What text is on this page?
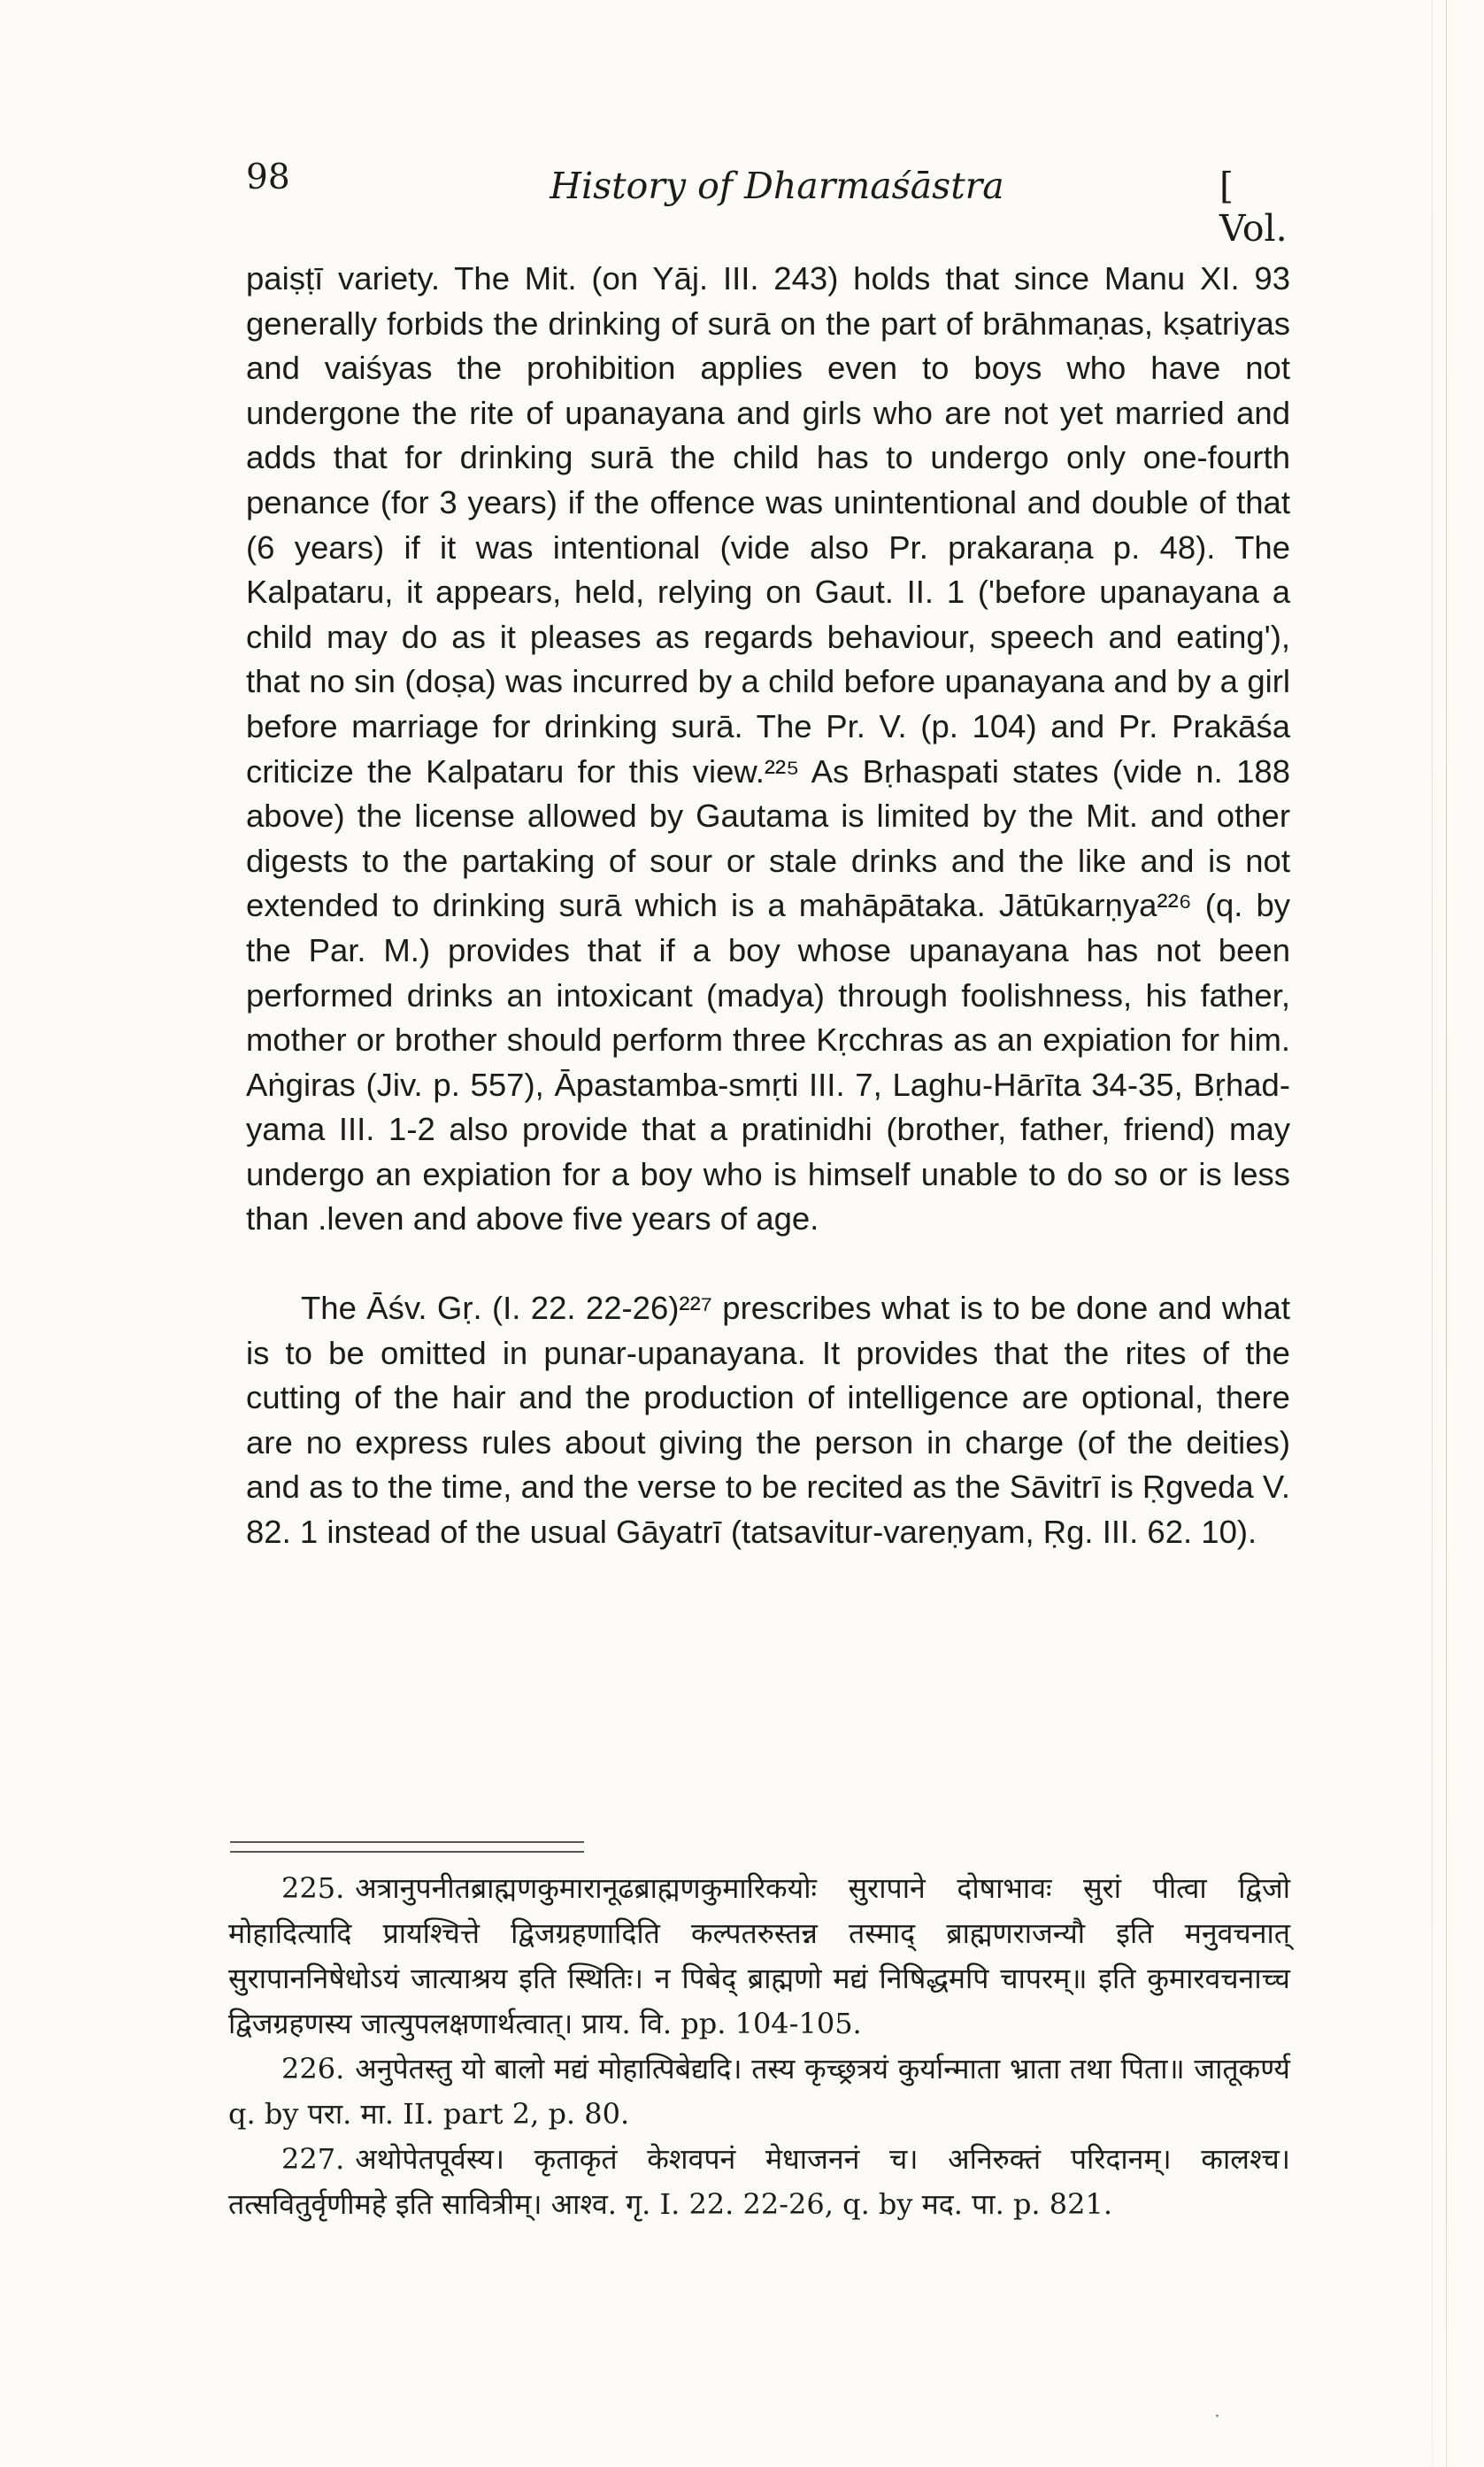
98	History of Dharmaśāstra	[ Vol.

paiṣṭī variety. The Mit. (on Yāj. III. 243) holds that since Manu XI. 93 generally forbids the drinking of surā on the part of brāhmaṇas, kṣatriyas and vaiśyas the prohibition applies even to boys who have not undergone the rite of upanayana and girls who are not yet married and adds that for drinking surā the child has to undergo only one-fourth penance (for 3 years) if the offence was unintentional and double of that (6 years) if it was intentional (vide also Pr. prakaraṇa p. 48). The Kalpataru, it appears, held, relying on Gaut. II. 1 ('before upanayana a child may do as it pleases as regards behaviour, speech and eating'), that no sin (doṣa) was incurred by a child before upanayana and by a girl before marriage for drinking surā. The Pr. V. (p. 104) and Pr. Prakāśa criticize the Kalpataru for this view.²²⁵ As Bṛhaspati states (vide n. 188 above) the license allowed by Gautama is limited by the Mit. and other digests to the partaking of sour or stale drinks and the like and is not extended to drinking surā which is a mahāpātaka. Jātūkarṇya²²⁶ (q. by the Par. M.) provides that if a boy whose upanayana has not been performed drinks an intoxicant (madya) through foolishness, his father, mother or brother should perform three Kṛcchras as an expiation for him. Aṅgiras (Jiv. p. 557), Āpastamba-smṛti III. 7, Laghu-Hārīta 34-35, Bṛhad-yama III. 1-2 also provide that a pratinidhi (brother, father, friend) may undergo an expiation for a boy who is himself unable to do so or is less than .leven and above five years of age.

The Āśv. Gṛ. (I. 22. 22-26)²²⁷ prescribes what is to be done and what is to be omitted in punar-upanayana. It provides that the rites of the cutting of the hair and the production of intelligence are optional, there are no express rules about giving the person in charge (of the deities) and as to the time, and the verse to be recited as the Sāvitrī is Ṛgveda V. 82. 1 instead of the usual Gāyatrī (tatsavitur-vareṇyam, Ṛg. III. 62. 10).

225. अत्रानुपनीतब्राह्मणकुमारानूढब्राह्मणकुमारिकयोः सुरापाने दोषाभावः सुरां पीत्वा द्विजो मोहादित्यादि प्रायश्चित्ते द्विजग्रहणादिति कल्पतरुस्तन्न तस्माद् ब्राह्मणराजन्यौ इति मनुवचनात् सुरापाननिषेधोऽयं जात्याश्रय इति स्थितिः। न पिबेद् ब्राह्मणो मद्यं निषिद्धमपि चापरम्॥ इति कुमारवचनाच्च द्विजग्रहणस्य जात्युपलक्षणार्थत्वात्। प्राय. वि. pp. 104-105.

226. अनुपेतस्तु यो बालो मद्यं मोहात्पिबेद्यदि। तस्य कृच्छ्रत्रयं कुर्यान्माता भ्राता तथा पिता॥ जातूकर्ण्य q. by परा. मा. II. part 2, p. 80.

227. अथोपेतपूर्वस्य। कृताकृतं केशवपनं मेधाजननं च। अनिरुक्तं परिदानम्। कालश्च। तत्सवितुर्वृणीमहे इति सावित्रीम्। आश्व. गृ. I. 22. 22-26, q. by मद. पा. p. 821.

·
